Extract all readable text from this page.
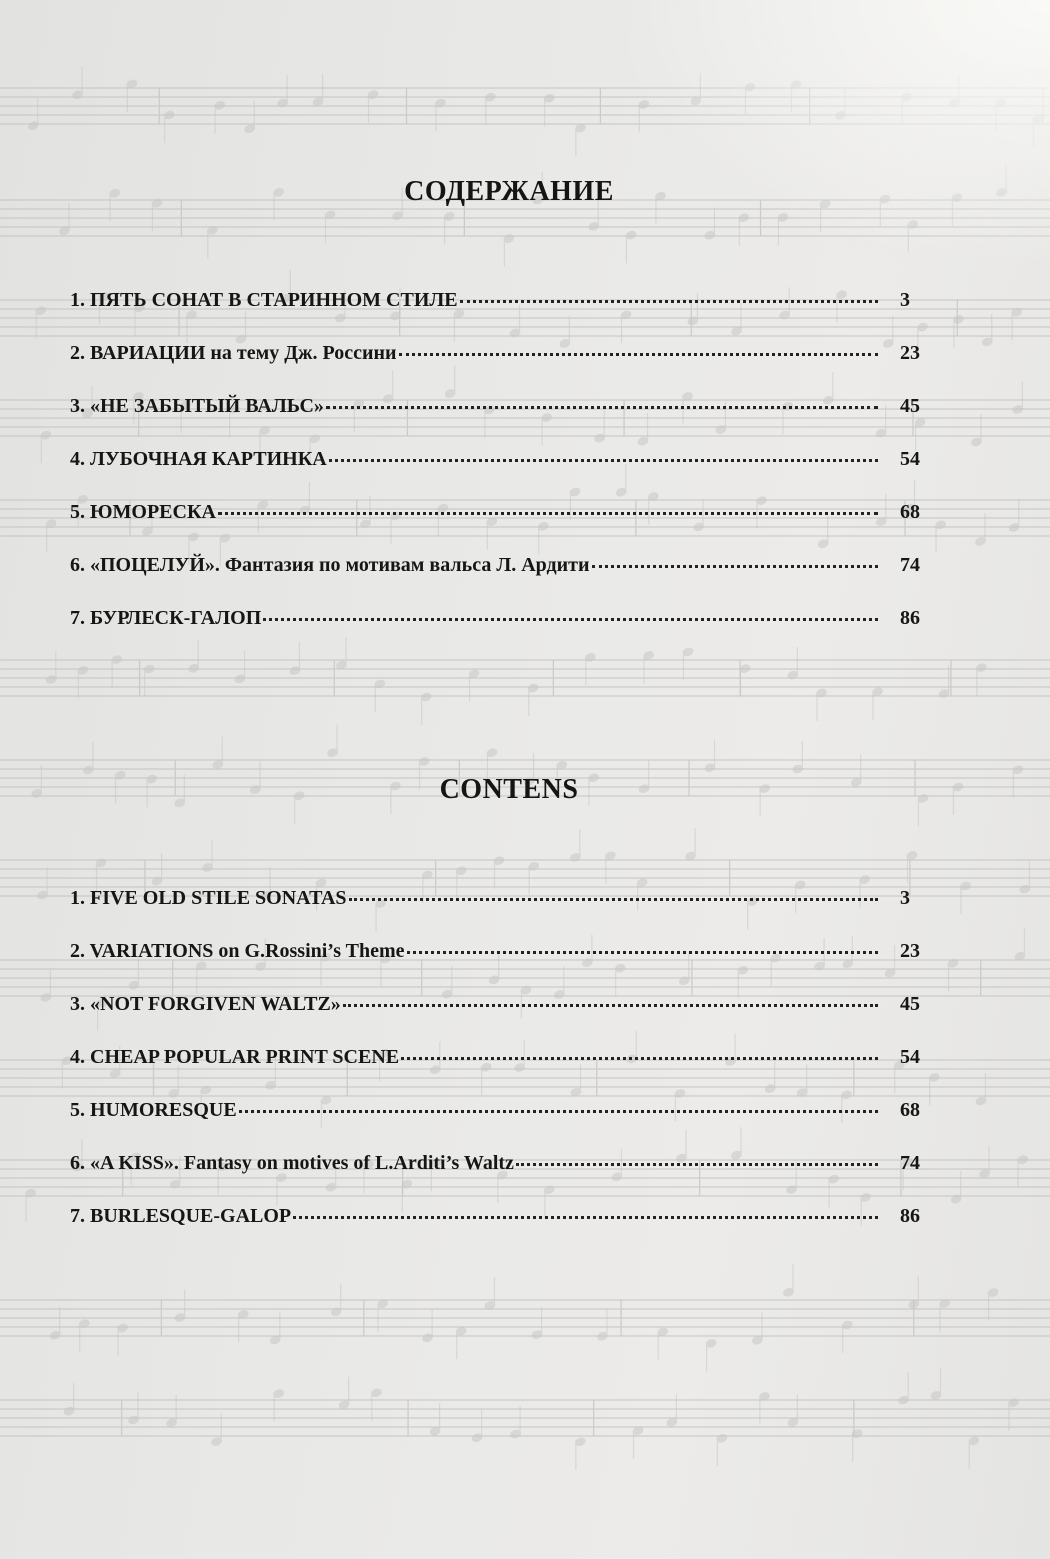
СОДЕРЖАНИЕ
1. ПЯТЬ СОНАТ В СТАРИННОМ СТИЛЕ	3
2. ВАРИАЦИИ на тему Дж. Россини	23
3. «НЕ ЗАБЫТЫЙ ВАЛЬС»	45
4. ЛУБОЧНАЯ КАРТИНКА	54
5. ЮМОРЕСКА	68
6. «ПОЦЕЛУЙ». Фантазия по мотивам вальса Л. Ардити	74
7. БУРЛЕСК-ГАЛОП	86
CONTENS
1. FIVE OLD STILE SONATAS	3
2. VARIATIONS on G.Rossini’s Theme	23
3. «NOT FORGIVEN WALTZ»	45
4. CHEAP POPULAR PRINT SCENE	54
5. HUMORESQUE	68
6. «A KISS». Fantasy on motives of L.Arditi’s Waltz	74
7. BURLESQUE-GALOP	86
